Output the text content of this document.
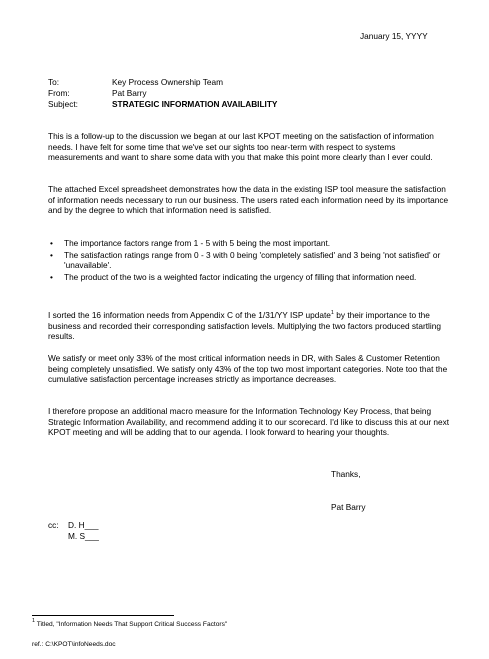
January 15, YYYY
To:	Key Process Ownership Team
From:	Pat Barry
Subject:	STRATEGIC INFORMATION AVAILABILITY

This is a follow-up to the discussion we began at our last KPOT meeting on the satisfaction of information needs. I have felt for some time that we've set our sights too near-term with respect to systems measurements and want to share some data with you that make this point more clearly than I ever could.

The attached Excel spreadsheet demonstrates how the data in the existing ISP tool measure the satisfaction of information needs necessary to run our business. The users rated each information need by its importance and by the degree to which that information need is satisfied.

• The importance factors range from 1 - 5 with 5 being the most important.
• The satisfaction ratings range from 0 - 3 with 0 being 'completely satisfied' and 3 being 'not satisfied' or 'unavailable'.
• The product of the two is a weighted factor indicating the urgency of filling that information need.

I sorted the 16 information needs from Appendix C of the 1/31/YY ISP update$^1$ by their importance to the business and recorded their corresponding satisfaction levels. Multiplying the two factors produced startling results.

We satisfy or meet only 33% of the most critical information needs in DR, with Sales & Customer Retention being completely unsatisfied. We satisfy only 43% of the top two most important categories. Note too that the cumulative satisfaction percentage increases strictly as importance decreases.

I therefore propose an additional macro measure for the Information Technology Key Process, that being Strategic Information Availability, and recommend adding it to our scorecard. I'd like to discuss this at our next KPOT meeting and will be adding that to our agenda. I look forward to hearing your thoughts.

Thanks,
Pat Barry
cc: D. H___
M. S___
$^1$ Titled, "Information Needs That Support Critical Success Factors"
ref.: C:\KPOT\infoNeeds.doc
